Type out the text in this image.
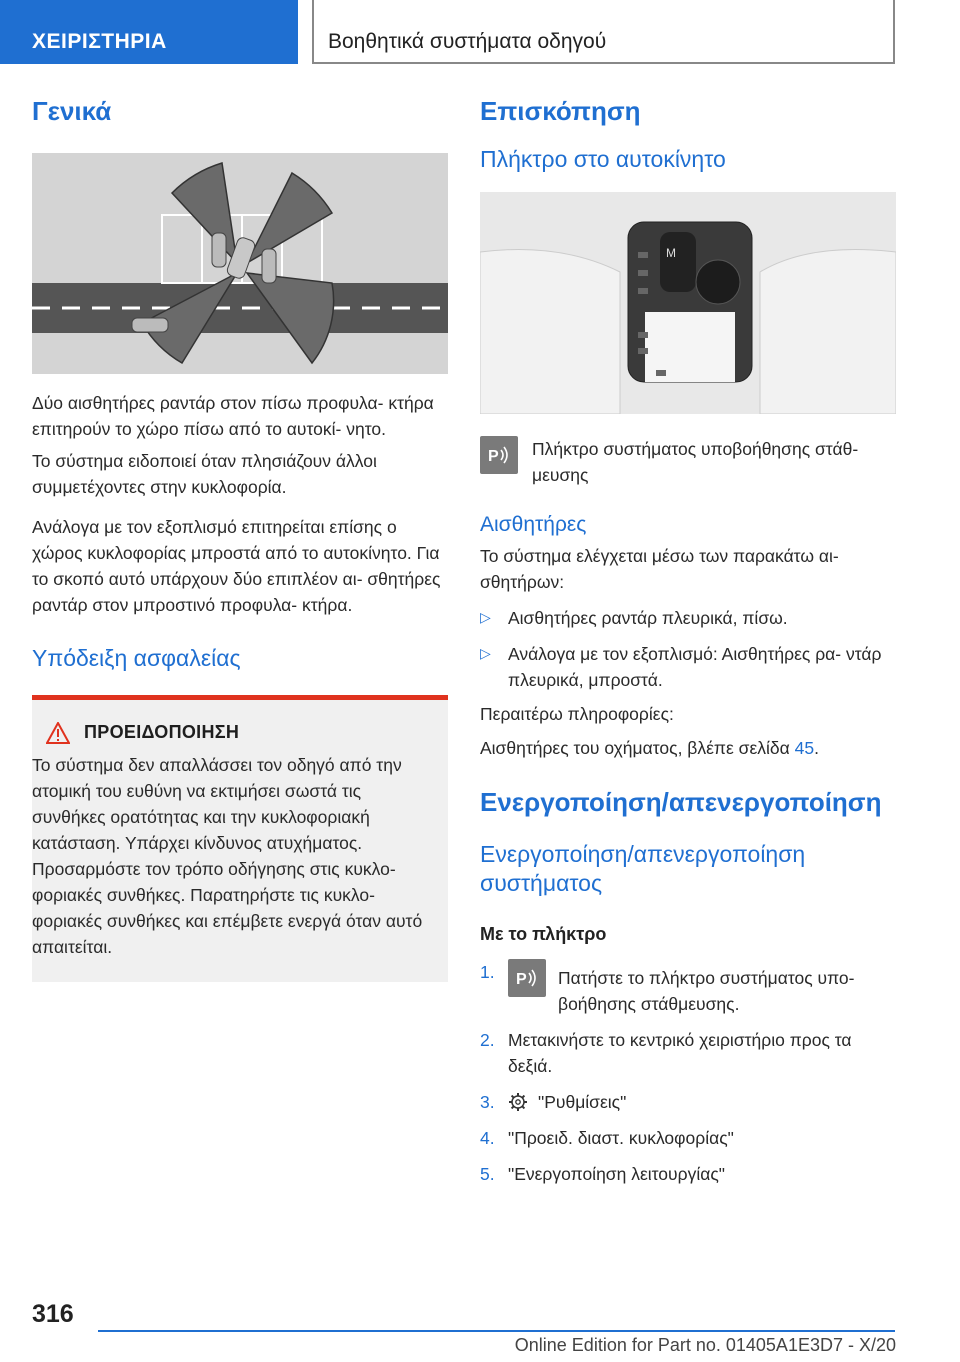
ΧΕΙΡΙΣΤΗΡΙΑ	Βοηθητικά συστήματα οδηγού
Γενικά

Δύο αισθητήρες ραντάρ στον πίσω προφυλα- κτήρα επιτηρούν το χώρο πίσω από το αυτοκί- νητο.

Το σύστημα ειδοποιεί όταν πλησιάζουν άλλοι συμμετέχοντες στην κυκλοφορία.

Ανάλογα με τον εξοπλισμό επιτηρείται επίσης ο χώρος κυκλοφορίας μπροστά από το αυτοκίνητο. Για το σκοπό αυτό υπάρχουν δύο επιπλέον αι- σθητήρες ραντάρ στον μπροστινό προφυλα- κτήρα.

Υπόδειξη ασφαλείας
ΠΡΟΕΙΔΟΠΟΙΗΣΗ

Το σύστημα δεν απαλλάσσει τον οδηγό από την ατομική του ευθύνη να εκτιμήσει σωστά τις συνθήκες ορατότητας και την κυκλοφοριακή κατάσταση. Υπάρχει κίνδυνος ατυχήματος. Προσαρμόστε τον τρόπο οδήγησης στις κυκλο- φοριακές συνθήκες. Παρατηρήστε τις κυκλο- φοριακές συνθήκες και επέμβετε ενεργά όταν αυτό απαιτείται.

Επισκόπηση
Πλήκτρο στο αυτοκίνητο
M
P Πλήκτρο συστήματος υποβοήθησης στάθ- μευσης

Αισθητήρες

Το σύστημα ελέγχεται μέσω των παρακάτω αι- σθητήρων:

▷ Αισθητήρες ραντάρ πλευρικά, πίσω.

▷ Ανάλογα με τον εξοπλισμό: Αισθητήρες ρα- ντάρ πλευρικά, μπροστά.

Περαιτέρω πληροφορίες:

Αισθητήρες του οχήματος, βλέπε σελίδα 45.

Ενεργοποίηση/απενεργοποίηση
Ενεργοποίηση/απενεργοποίηση συστήματος
Με το πλήκτρο
1.	P Πατήστε το πλήκτρο συστήματος υπο- βοήθησης στάθμευσης.

2. Μετακινήστε το κεντρικό χειριστήριο προς τα δεξιά.

3.	"Ρυθμίσεις"

4. "Προειδ. διαστ. κυκλοφορίας"

5. "Ενεργοποίηση λειτουργίας"

316
Online Edition for Part no. 01405A1E3D7 - X/20
